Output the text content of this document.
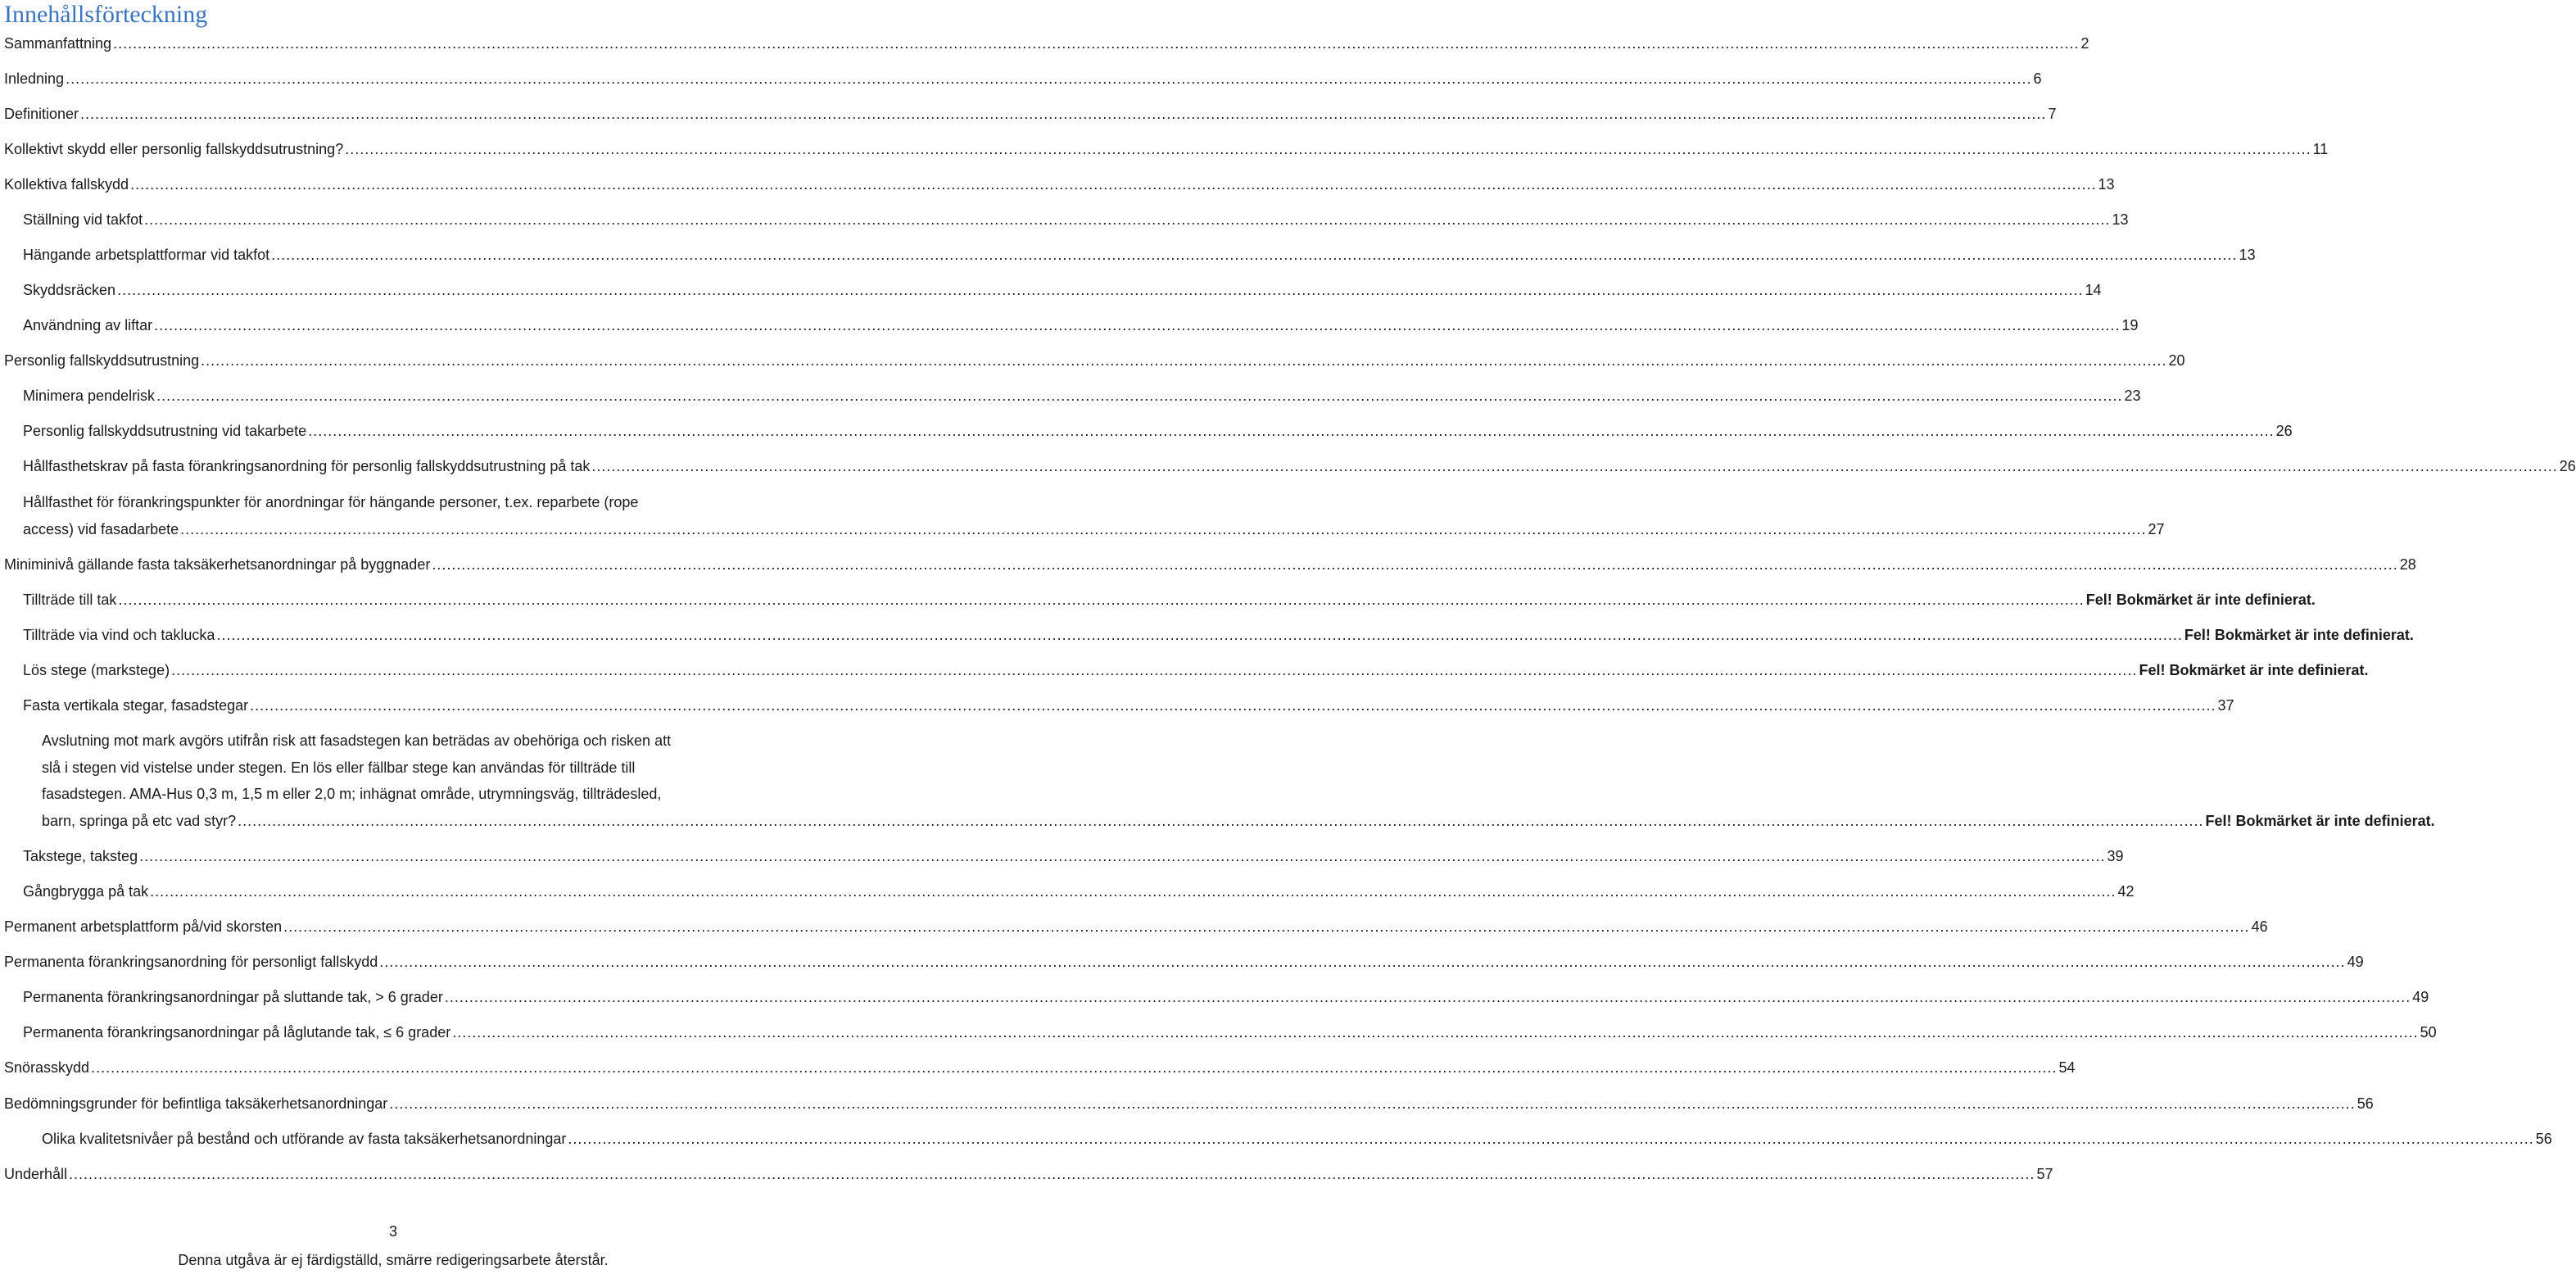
Innehållsförteckning
Sammanfattning ................................................................................................................................................................................................................................................................................................................................................................................................................ 2
Inledning ................................................................................................................................................................................................................................................................................................................................................................................................................ 6
Definitioner ................................................................................................................................................................................................................................................................................................................................................................................................................ 7
Kollektivt skydd eller personlig fallskyddsutrustning? ................................................................................................................................................................................................................................................................................................................................................................................................................ 11
Kollektiva fallskydd ................................................................................................................................................................................................................................................................................................................................................................................................................ 13
Ställning vid takfot ................................................................................................................................................................................................................................................................................................................................................................................................................ 13
Hängande arbetsplattformar vid takfot ................................................................................................................................................................................................................................................................................................................................................................................................................ 13
Skyddsräcken ................................................................................................................................................................................................................................................................................................................................................................................................................ 14
Användning av liftar ................................................................................................................................................................................................................................................................................................................................................................................................................ 19
Personlig fallskyddsutrustning ................................................................................................................................................................................................................................................................................................................................................................................................................ 20
Minimera pendelrisk ................................................................................................................................................................................................................................................................................................................................................................................................................ 23
Personlig fallskyddsutrustning vid takarbete ................................................................................................................................................................................................................................................................................................................................................................................................................ 26
Hållfasthetskrav på fasta förankringsanordning för personlig fallskyddsutrustning på tak ................................................................................................................................................................................................................................................................................................................................................................................................................ 26
Hållfasthet för förankringspunkter för anordningar för hängande personer, t.ex. reparbete (rope
access) vid fasadarbete ................................................................................................................................................................................................................................................................................................................................................................................................................ 27
Miniminivå gällande fasta taksäkerhetsanordningar på byggnader ................................................................................................................................................................................................................................................................................................................................................................................................................ 28
Tillträde till tak ................................................................................................................................................................................................................................................................................................................................................................................................................ Fel! Bokmärket är inte definierat.
Tillträde via vind och taklucka ................................................................................................................................................................................................................................................................................................................................................................................................................ Fel! Bokmärket är inte definierat.
Lös stege (markstege) ................................................................................................................................................................................................................................................................................................................................................................................................................ Fel! Bokmärket är inte definierat.
Fasta vertikala stegar, fasadstegar ................................................................................................................................................................................................................................................................................................................................................................................................................ 37
Avslutning mot mark avgörs utifrån risk att fasadstegen kan beträdas av obehöriga och risken att
slå i stegen vid vistelse under stegen. En lös eller fällbar stege kan användas för tillträde till
fasadstegen. AMA-Hus 0,3 m, 1,5 m eller 2,0 m; inhägnat område, utrymningsväg, tillträdesled,
barn, springa på etc vad styr? ................................................................................................................................................................................................................................................................................................................................................................................................................ Fel! Bokmärket är inte definierat.
Takstege, taksteg ................................................................................................................................................................................................................................................................................................................................................................................................................ 39
Gångbrygga på tak ................................................................................................................................................................................................................................................................................................................................................................................................................ 42
Permanent arbetsplattform på/vid skorsten ................................................................................................................................................................................................................................................................................................................................................................................................................ 46
Permanenta förankringsanordning för personligt fallskydd ................................................................................................................................................................................................................................................................................................................................................................................................................ 49
Permanenta förankringsanordningar på sluttande tak, > 6 grader ................................................................................................................................................................................................................................................................................................................................................................................................................ 49
Permanenta förankringsanordningar på låglutande tak, ≤ 6 grader ................................................................................................................................................................................................................................................................................................................................................................................................................ 50
Snörasskydd ................................................................................................................................................................................................................................................................................................................................................................................................................ 54
Bedömningsgrunder för befintliga taksäkerhetsanordningar ................................................................................................................................................................................................................................................................................................................................................................................................................ 56
Olika kvalitetsnivåer på bestånd och utförande av fasta taksäkerhetsanordningar ................................................................................................................................................................................................................................................................................................................................................................................................................ 56
Underhåll ................................................................................................................................................................................................................................................................................................................................................................................................................ 57
3
Denna utgåva är ej färdigställd, smärre redigeringsarbete återstår.
